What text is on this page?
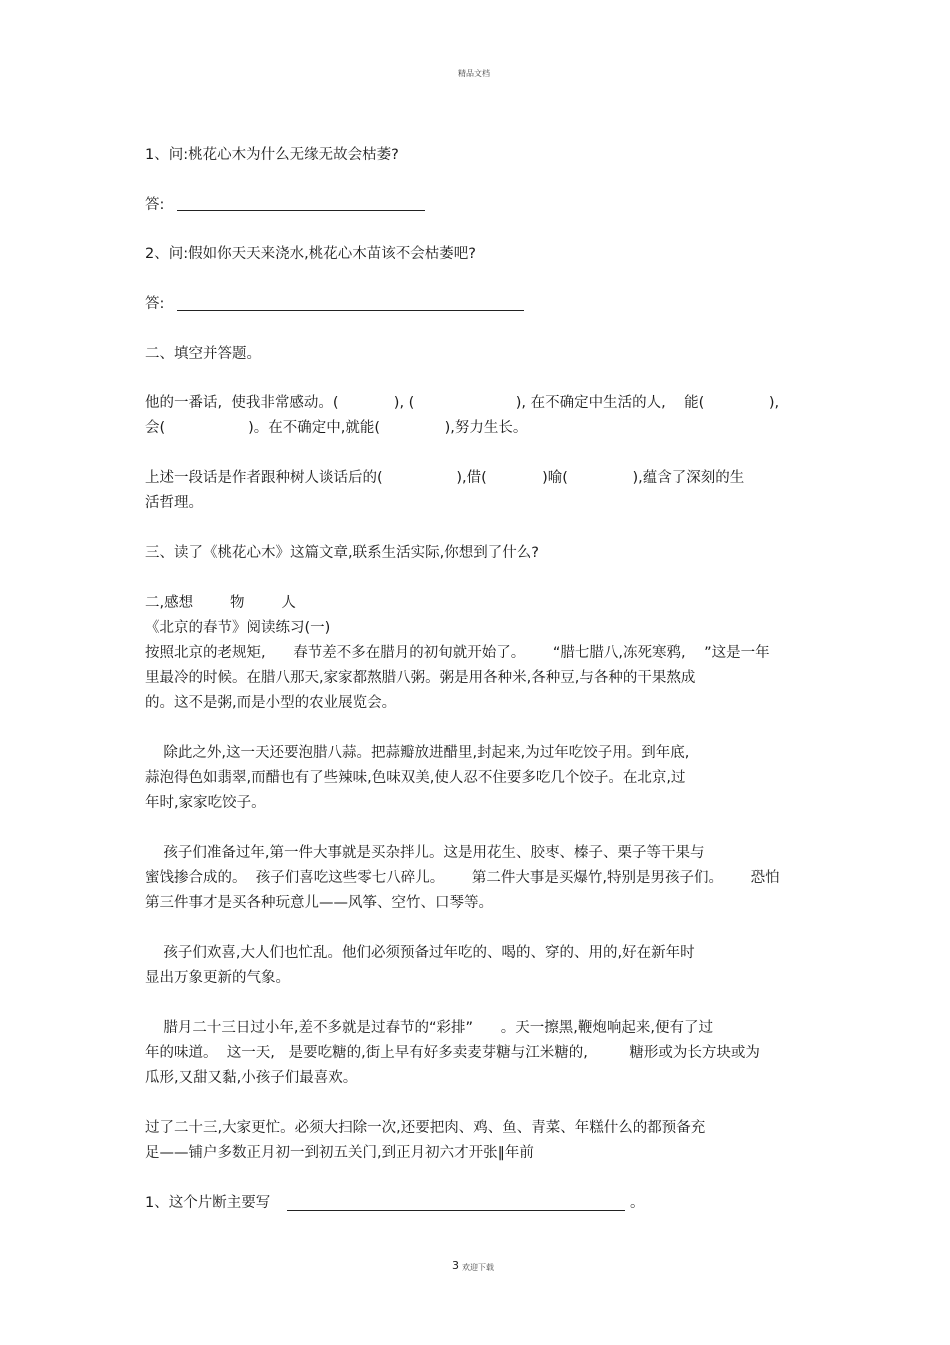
精品文档
1、问:桃花心木为什么无缘无故会枯萎?
答:
2、问:假如你天天来浇水,桃花心木苗该不会枯萎吧?
答:
二、填空并答题。
他的一番话,  使我非常感动。(            ), (                      ), 在不确定中生活的人,    能(              ),
会(                  )。在不确定中,就能(              ),努力生长。
上述一段话是作者跟种树人谈话后的(                ),借(            )喻(              ),蕴含了深刻的生
活哲理。
三、读了《桃花心木》这篇文章,联系生活实际,你想到了什么?
二,感想        物        人
《北京的春节》阅读练习(一)
按照北京的老规矩,      春节差不多在腊月的初旬就开始了。      “腊七腊八,冻死寒鸦,    ”这是一年
里最冷的时候。在腊八那天,家家都熬腊八粥。粥是用各种米,各种豆,与各种的干果熬成
的。这不是粥,而是小型的农业展览会。
除此之外,这一天还要泡腊八蒜。把蒜瓣放进醋里,封起来,为过年吃饺子用。到年底,
蒜泡得色如翡翠,而醋也有了些辣味,色味双美,使人忍不住要多吃几个饺子。在北京,过
年时,家家吃饺子。
孩子们准备过年,第一件大事就是买杂拌儿。这是用花生、胶枣、榛子、栗子等干果与
蜜饯掺合成的。  孩子们喜吃这些零七八碎儿。      第二件大事是买爆竹,特别是男孩子们。      恐怕
第三件事才是买各种玩意儿——风筝、空竹、口琴等。
孩子们欢喜,大人们也忙乱。他们必须预备过年吃的、喝的、穿的、用的,好在新年时
显出万象更新的气象。
腊月二十三日过小年,差不多就是过春节的“彩排”      。天一擦黑,鞭炮响起来,便有了过
年的味道。  这一天,   是要吃糖的,街上早有好多卖麦芽糖与江米糖的,         糖形或为长方块或为
瓜形,又甜又黏,小孩子们最喜欢。
过了二十三,大家更忙。必须大扫除一次,还要把肉、鸡、鱼、青菜、年糕什么的都预备充
足——铺户多数正月初一到初五关门,到正月初六才开张‖年前
1、这个片断主要写	。
3 欢迎下载
